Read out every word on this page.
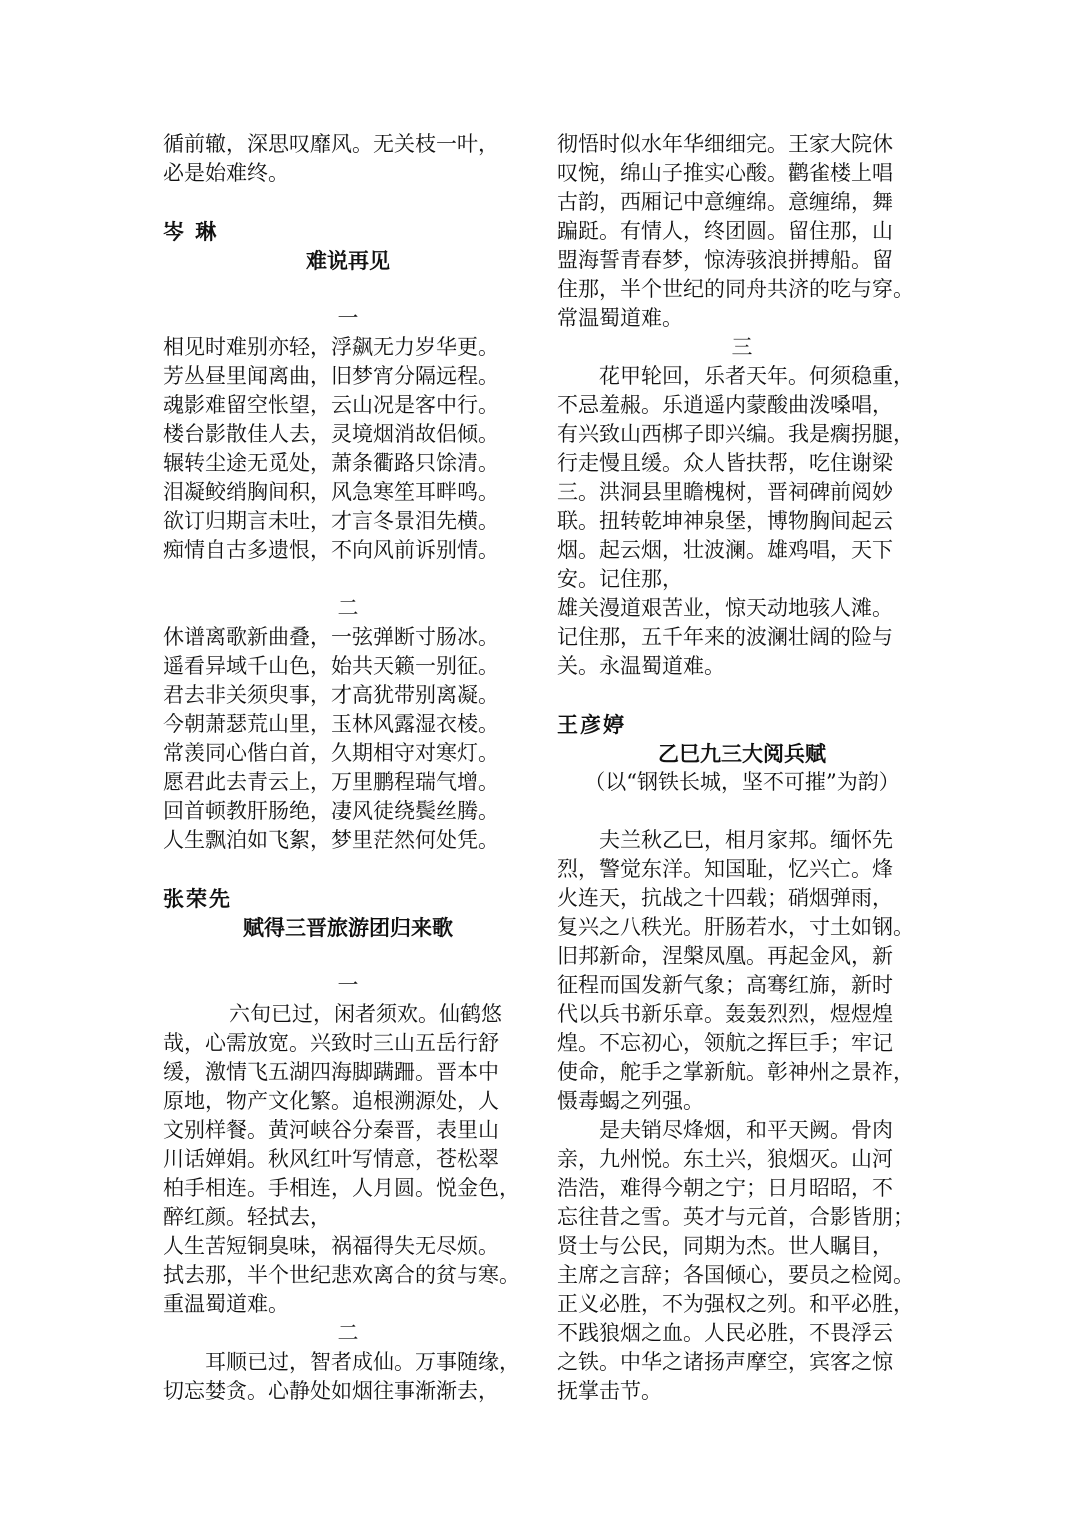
循前辙，深思叹靡风。无关枝一叶，
必是始难终。
岑 琳
难说再见
一
相见时难别亦轻，浮飙无力岁华更。
芳丛昼里闻离曲，旧梦宵分隔远程。
魂影难留空怅望，云山况是客中行。
楼台影散佳人去，灵境烟消故侣倾。
辗转尘途无觅处，萧条衢路只馀清。
泪凝鲛绡胸间积，风急寒笙耳畔鸣。
欲订归期言未吐，才言冬景泪先横。
痴情自古多遗恨，不向风前诉别情。
二
休谱离歌新曲叠，一弦弹断寸肠冰。
遥看异域千山色，始共天籁一别征。
君去非关须臾事，才高犹带别离凝。
今朝萧瑟荒山里，玉林风露湿衣棱。
常羡同心偕白首，久期相守对寒灯。
愿君此去青云上，万里鹏程瑞气增。
回首顿教肝肠绝，凄风徒绕鬓丝腾。
人生飘泊如飞絮，梦里茫然何处凭。
张荣先
赋得三晋旅游团归来歌
一
六旬已过，闲者须欢。仙鹤悠
哉，心需放宽。兴致时三山五岳行舒
缓，激情飞五湖四海脚蹒跚。晋本中
原地，物产文化繁。追根溯源处，人
文别样餐。黄河峡谷分秦晋，表里山
川话婵娟。秋风红叶写情意，苍松翠
柏手相连。手相连，人月圆。悦金色，
醉红颜。轻拭去，
人生苦短铜臭味，祸福得失无尽烦。
拭去那，半个世纪悲欢离合的贫与寒。
重温蜀道难。
二
耳顺已过，智者成仙。万事随缘，
切忘婪贪。心静处如烟往事渐渐去，
彻悟时似水年华细细完。王家大院休
叹惋，绵山子推实心酸。鹳雀楼上唱
古韵，西厢记中意缠绵。意缠绵，舞
蹁跹。有情人，终团圆。留住那，山
盟海誓青春梦，惊涛骇浪拼搏船。留
住那，半个世纪的同舟共济的吃与穿。
常温蜀道难。
三
花甲轮回，乐者天年。何须稳重，
不忌羞赧。乐逍遥内蒙酸曲泼嗓唱，
有兴致山西梆子即兴编。我是瘸拐腿，
行走慢且缓。众人皆扶帮，吃住谢梁
三。洪洞县里瞻槐树，晋祠碑前阅妙
联。扭转乾坤神泉堡，博物胸间起云
烟。起云烟，壮波澜。雄鸡唱，天下
安。记住那，
雄关漫道艰苦业，惊天动地骇人滩。
记住那，五千年来的波澜壮阔的险与
关。永温蜀道难。
王彦婷
乙巳九三大阅兵赋
（以“钢铁长城，坚不可摧”为韵）
夫兰秋乙巳，相月家邦。缅怀先
烈，警觉东洋。知国耻，忆兴亡。烽
火连天，抗战之十四载；硝烟弹雨，
复兴之八秩光。肝肠若水，寸土如钢。
旧邦新命，涅槃凤凰。再起金风，新
征程而国发新气象；高骞红旆，新时
代以兵书新乐章。轰轰烈烈，煜煜煌
煌。不忘初心，领航之挥巨手；牢记
使命，舵手之掌新航。彰神州之景祚，
慑毒蝎之列强。
是夫销尽烽烟，和平天阙。骨肉
亲，九州悦。东土兴，狼烟灭。山河
浩浩，难得今朝之宁；日月昭昭，不
忘往昔之雪。英才与元首，合影皆朋；
贤士与公民，同期为杰。世人瞩目，
主席之言辞；各国倾心，要员之检阅。
正义必胜，不为强权之列。和平必胜，
不践狼烟之血。人民必胜，不畏浮云
之铁。中华之诸扬声摩空，宾客之惊
抚掌击节。
